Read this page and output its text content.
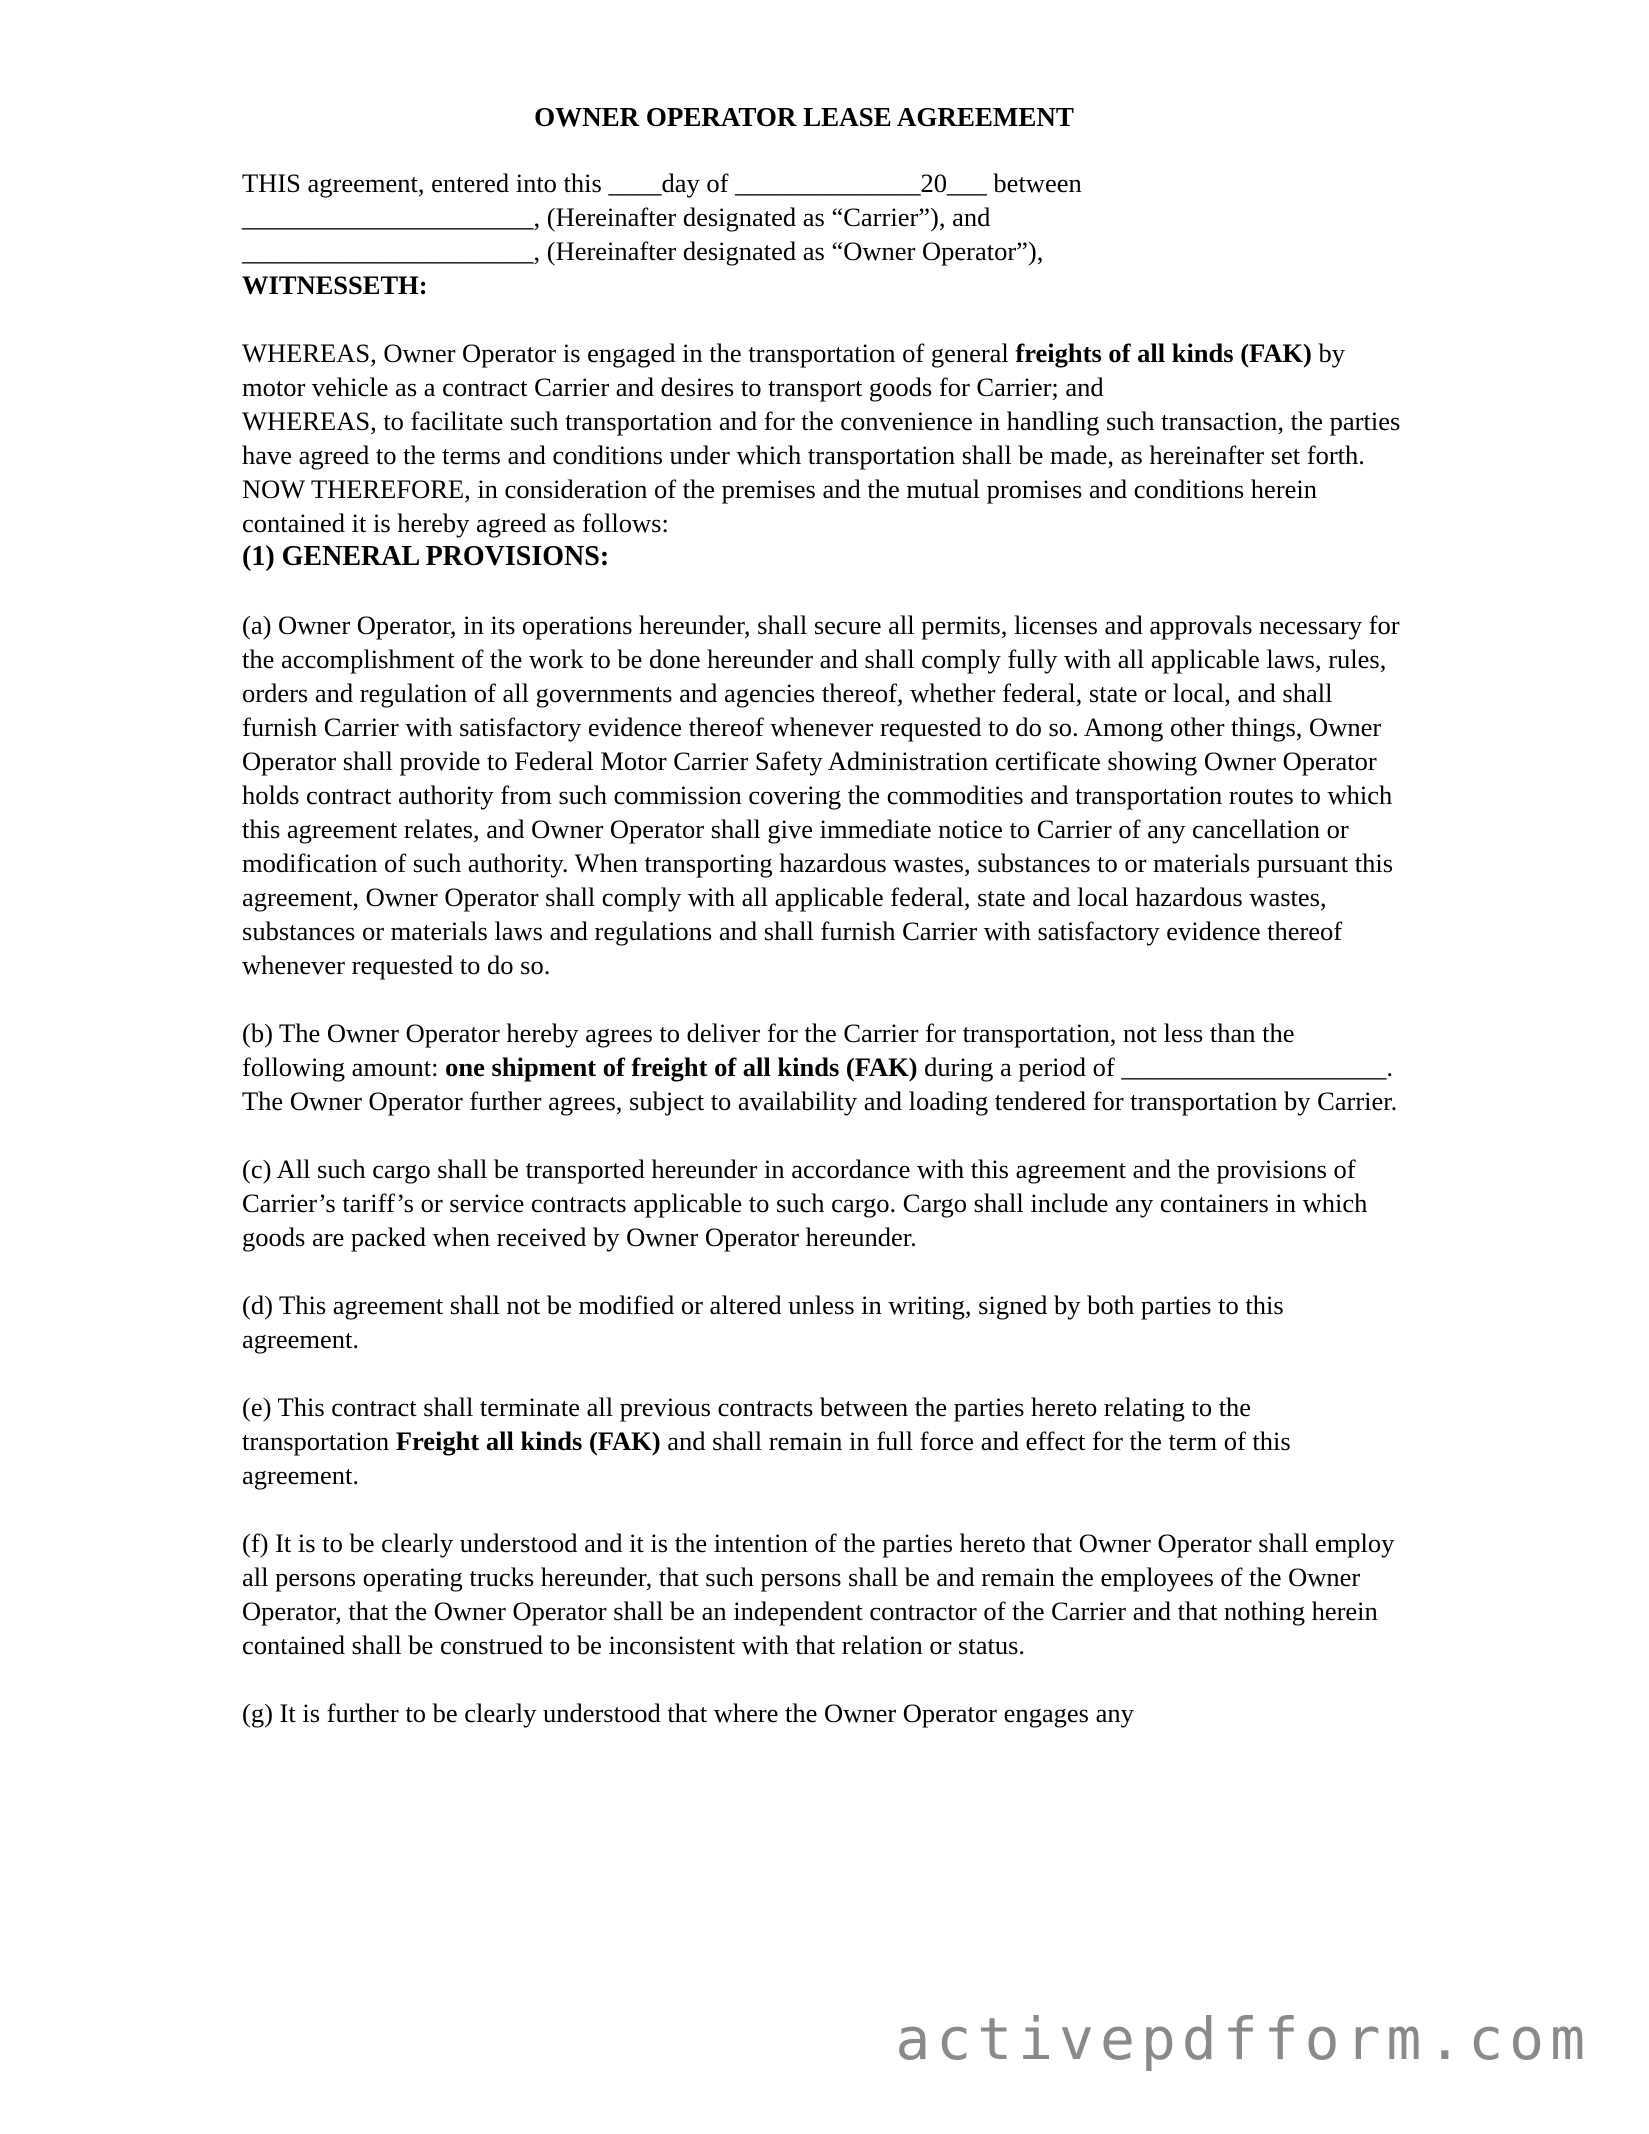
OWNER OPERATOR LEASE AGREEMENT

THIS agreement, entered into this ____day of ______________20___ between

______________________, (Hereinafter designated as “Carrier”), and

______________________, (Hereinafter designated as “Owner Operator”),

WITNESSETH:

WHEREAS, Owner Operator is engaged in the transportation of general freights of all kinds (FAK) by motor vehicle as a contract Carrier and desires to transport goods for Carrier; and

WHEREAS, to facilitate such transportation and for the convenience in handling such transaction, the parties have agreed to the terms and conditions under which transportation shall be made, as hereinafter set forth.

NOW THEREFORE, in consideration of the premises and the mutual promises and conditions herein contained it is hereby agreed as follows:

(1) GENERAL PROVISIONS:

(a) Owner Operator, in its operations hereunder, shall secure all permits, licenses and approvals necessary for the accomplishment of the work to be done hereunder and shall comply fully with all applicable laws, rules, orders and regulation of all governments and agencies thereof, whether federal, state or local, and shall furnish Carrier with satisfactory evidence thereof whenever requested to do so. Among other things, Owner Operator shall provide to Federal Motor Carrier Safety Administration certificate showing Owner Operator holds contract authority from such commission covering the commodities and transportation routes to which this agreement relates, and Owner Operator shall give immediate notice to Carrier of any cancellation or modification of such authority. When transporting hazardous wastes, substances to or materials pursuant this agreement, Owner Operator shall comply with all applicable federal, state and local hazardous wastes, substances or materials laws and regulations and shall furnish Carrier with satisfactory evidence thereof whenever requested to do so.

(b) The Owner Operator hereby agrees to deliver for the Carrier for transportation, not less than the following amount: one shipment of freight of all kinds (FAK) during a period of ____________________. The Owner Operator further agrees, subject to availability and loading tendered for transportation by Carrier.

(c) All such cargo shall be transported hereunder in accordance with this agreement and the provisions of Carrier’s tariff’s or service contracts applicable to such cargo. Cargo shall include any containers in which goods are packed when received by Owner Operator hereunder.

(d) This agreement shall not be modified or altered unless in writing, signed by both parties to this agreement.

(e) This contract shall terminate all previous contracts between the parties hereto relating to the transportation Freight all kinds (FAK) and shall remain in full force and effect for the term of this agreement.

(f) It is to be clearly understood and it is the intention of the parties hereto that Owner Operator shall employ all persons operating trucks hereunder, that such persons shall be and remain the employees of the Owner Operator, that the Owner Operator shall be an independent contractor of the Carrier and that nothing herein contained shall be construed to be inconsistent with that relation or status.

(g) It is further to be clearly understood that where the Owner Operator engages any

activepdfform.com
